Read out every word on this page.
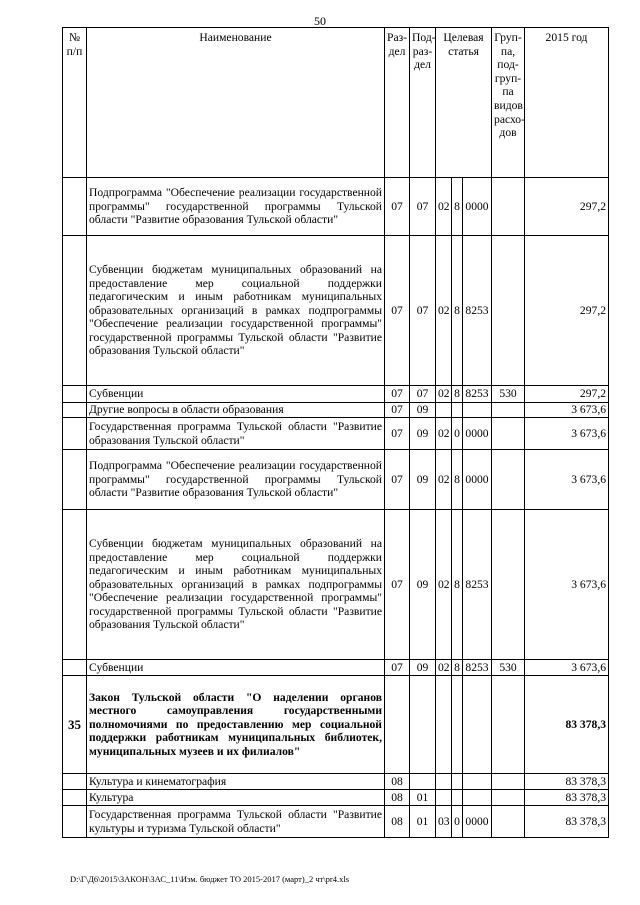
50
№ п/п	Наименование	Раз-дел	Под-раз-дел	Целевая статья			Груп-па, под-груп-па видов расхо-дов	2015 год
	Подпрограмма "Обеспечение реализации государственной программы" государственной программы Тульской области "Развитие образования Тульской области"	07	07	02	8	0000		297,2
	Субвенции бюджетам муниципальных образований на предоставление мер социальной поддержки педагогическим и иным работникам муниципальных образовательных организаций в рамках подпрограммы "Обеспечение реализации государственной программы" государственной программы Тульской области "Развитие образования Тульской области"	07	07	02	8	8253		297,2
	Субвенции	07	07	02	8	8253	530	297,2
	Другие вопросы в области образования	07	09					3 673,6
	Государственная программа Тульской области "Развитие образования Тульской области"	07	09	02	0	0000		3 673,6
	Подпрограмма "Обеспечение реализации государственной программы" государственной программы Тульской области "Развитие образования Тульской области"	07	09	02	8	0000		3 673,6
	Субвенции бюджетам муниципальных образований на предоставление мер социальной поддержки педагогическим и иным работникам муниципальных образовательных организаций в рамках подпрограммы "Обеспечение реализации государственной программы" государственной программы Тульской области "Развитие образования Тульской области"	07	09	02	8	8253		3 673,6
	Субвенции	07	09	02	8	8253	530	3 673,6
35	Закон Тульской области "О наделении органов местного самоуправления государственными полномочиями по предоставлению мер социальной поддержки работникам муниципальных библиотек, муниципальных музеев и их филиалов"							83 378,3
	Культура и кинематография	08						83 378,3
	Культура	08	01					83 378,3
	Государственная программа Тульской области "Развитие культуры и туризма Тульской области"	08	01	03	0	0000		83 378,3
D:\Г\Д6\2015\ЗАКОН\ЗАС_11\Изм. бюджет ТО 2015-2017 (март)_2 чт\pr4.xls
